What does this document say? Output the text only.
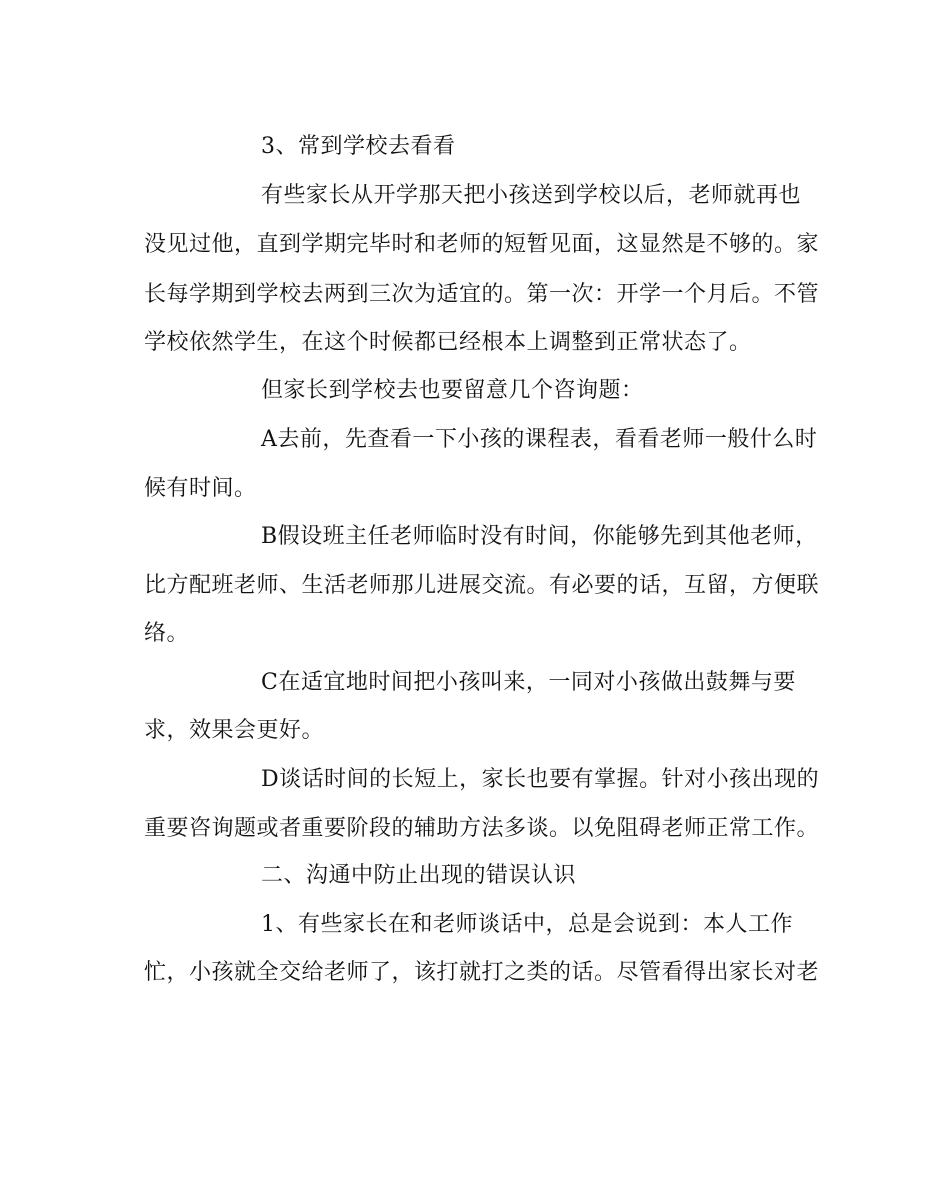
3、常到学校去看看
有些家长从开学那天把小孩送到学校以后，老师就再也
没见过他，直到学期完毕时和老师的短暂见面，这显然是不够的。家
长每学期到学校去两到三次为适宜的。第一次：开学一个月后。不管
学校依然学生，在这个时候都已经根本上调整到正常状态了。
但家长到学校去也要留意几个咨询题：
A去前，先查看一下小孩的课程表，看看老师一般什么时
候有时间。
B假设班主任老师临时没有时间，你能够先到其他老师，
比方配班老师、生活老师那儿进展交流。有必要的话，互留，方便联
络。
C在适宜地时间把小孩叫来，一同对小孩做出鼓舞与要
求，效果会更好。
D谈话时间的长短上，家长也要有掌握。针对小孩出现的
重要咨询题或者重要阶段的辅助方法多谈。以免阻碍老师正常工作。
二、沟通中防止出现的错误认识
1、有些家长在和老师谈话中，总是会说到：本人工作
忙，小孩就全交给老师了，该打就打之类的话。尽管看得出家长对老
